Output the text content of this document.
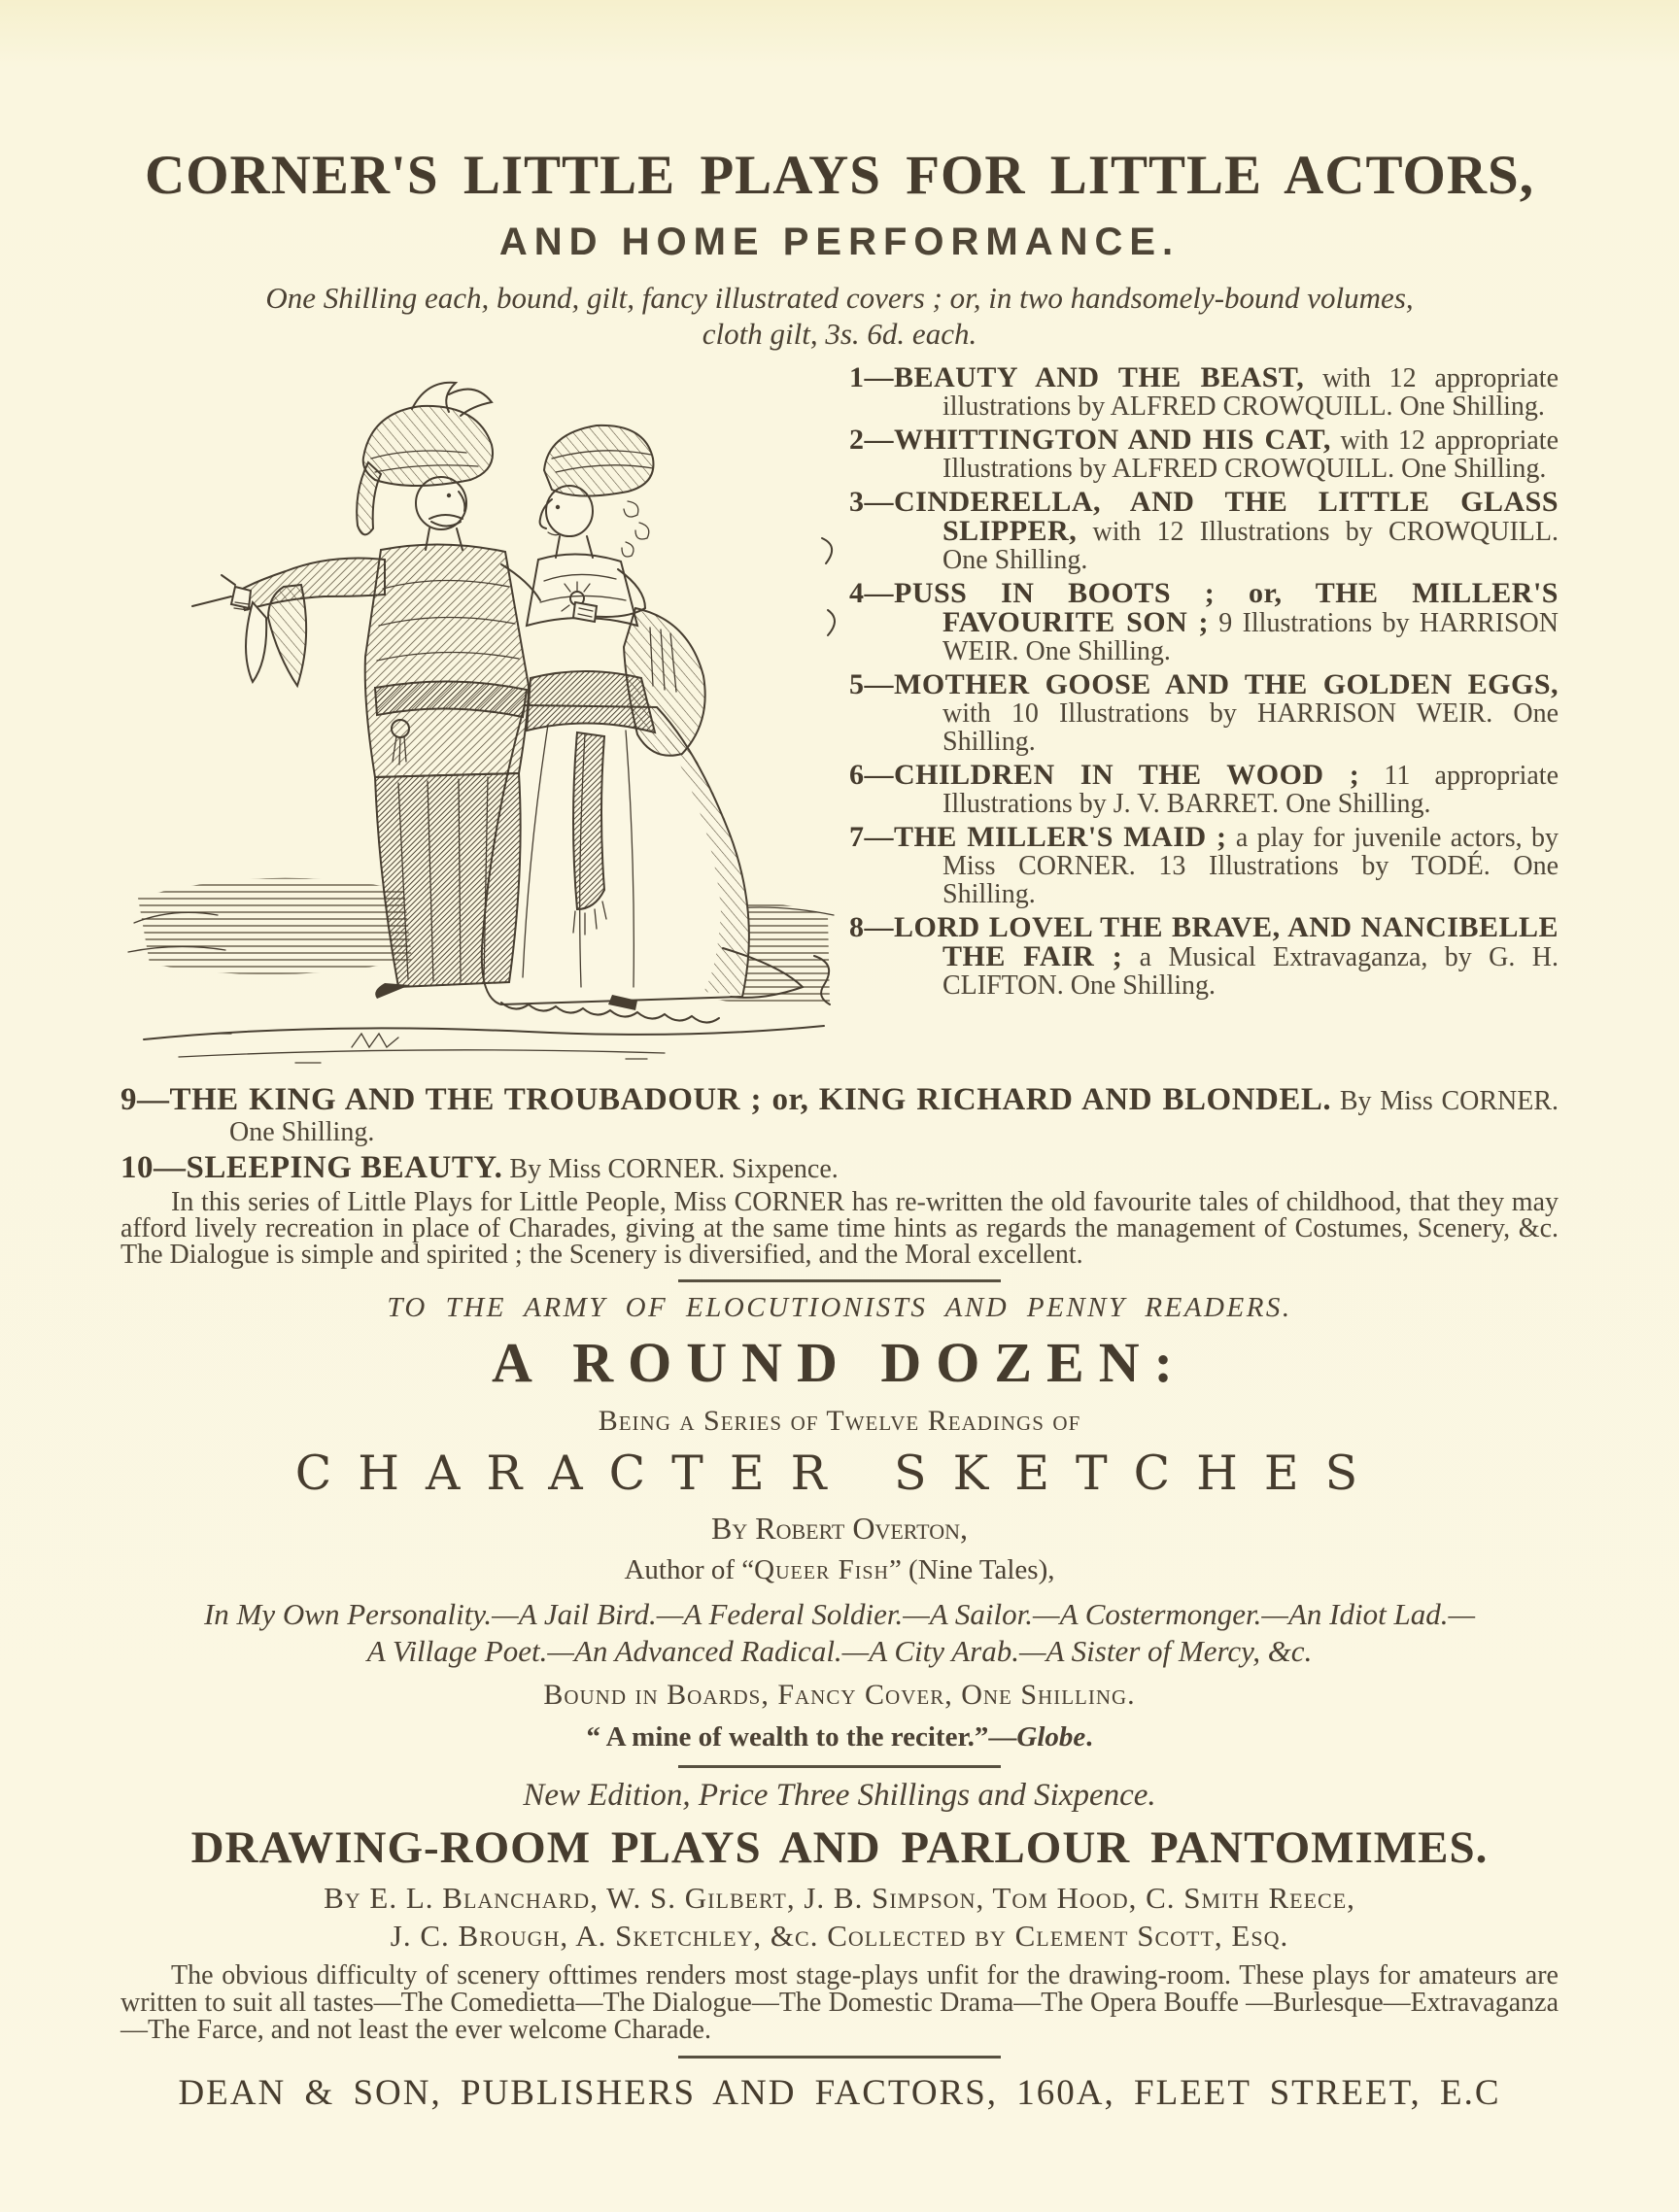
CORNER'S LITTLE PLAYS FOR LITTLE ACTORS,
AND HOME PERFORMANCE.
One Shilling each, bound, gilt, fancy illustrated covers ; or, in two handsomely-bound volumes,
cloth gilt, 3s. 6d. each.

1—BEAUTY AND THE BEAST, with 12 appropriate illustrations by ALFRED CROWQUILL. One Shilling.

2—WHITTINGTON AND HIS CAT, with 12 appropriate Illustrations by ALFRED CROWQUILL. One Shilling.

3—CINDERELLA, AND THE LITTLE GLASS SLIPPER, with 12 Illustrations by CROWQUILL. One Shilling.

4—PUSS IN BOOTS ; or, THE MILLER'S FAVOURITE SON ; 9 Illustrations by HARRISON WEIR. One Shilling.

5—MOTHER GOOSE AND THE GOLDEN EGGS, with 10 Illustrations by HARRISON WEIR. One Shilling.

6—CHILDREN IN THE WOOD ; 11 appropriate Illustrations by J. V. BARRET. One Shilling.

7—THE MILLER'S MAID ; a play for juvenile actors, by Miss CORNER. 13 Illustrations by TODÉ. One Shilling.

8—LORD LOVEL THE BRAVE, AND NANCIBELLE THE FAIR ; a Musical Extravaganza, by G. H. CLIFTON. One Shilling.

9—THE KING AND THE TROUBADOUR ; or, KING RICHARD AND BLONDEL. By Miss CORNER. One Shilling.

10—SLEEPING BEAUTY. By Miss CORNER. Sixpence.

In this series of Little Plays for Little People, Miss CORNER has re-written the old favourite tales of childhood, that they may afford lively recreation in place of Charades, giving at the same time hints as regards the management of Costumes, Scenery, &c. The Dialogue is simple and spirited ; the Scenery is diversified, and the Moral excellent.

TO THE ARMY OF ELOCUTIONISTS AND PENNY READERS.
A ROUND DOZEN:
Being a Series of Twelve Readings of
CHARACTER SKETCHES
By Robert Overton,
Author of “Queer Fish” (Nine Tales),
In My Own Personality.—A Jail Bird.—A Federal Soldier.—A Sailor.—A Costermonger.—An Idiot Lad.—
A Village Poet.—An Advanced Radical.—A City Arab.—A Sister of Mercy, &c.
Bound in Boards, Fancy Cover, One Shilling.
“ A mine of wealth to the reciter.”—Globe.
New Edition, Price Three Shillings and Sixpence.
DRAWING-ROOM PLAYS AND PARLOUR PANTOMIMES.
By E. L. Blanchard, W. S. Gilbert, J. B. Simpson, Tom Hood, C. Smith Reece,
J. C. Brough, A. Sketchley, &c. Collected by Clement Scott, Esq.

The obvious difficulty of scenery ofttimes renders most stage-plays unfit for the drawing-room. These plays for amateurs are written to suit all tastes—The Comedietta—The Dialogue—The Domestic Drama—The Opera Bouffe —Burlesque—Extravaganza—The Farce, and not least the ever welcome Charade.

DEAN & SON, PUBLISHERS AND FACTORS, 160A, FLEET STREET, E.C
